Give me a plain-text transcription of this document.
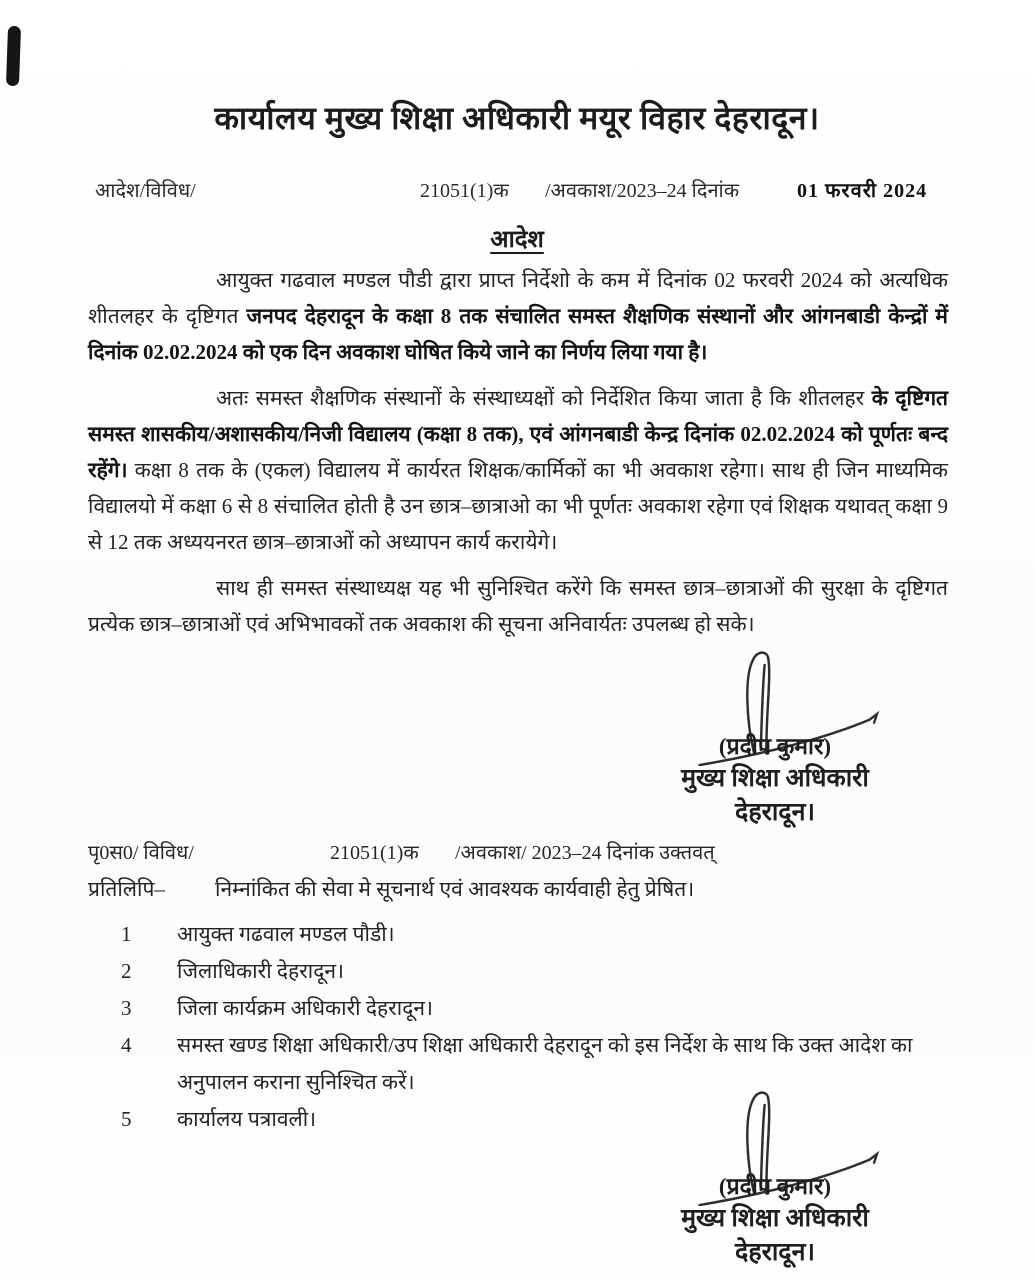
कार्यालय मुख्य शिक्षा अधिकारी मयूर विहार देहरादून।
आदेश/विविध/	21051(1)क /अवकाश/2023–24 दिनांक	01 फरवरी 2024
आदेश

आयुक्त गढवाल मण्डल पौडी द्वारा प्राप्त निर्देशो के कम में दिनांक 02 फरवरी 2024 को अत्यधिक शीतलहर के दृष्टिगत जनपद देहरादून के कक्षा 8 तक संचालित समस्त शैक्षणिक संस्थानों और आंगनबाडी केन्द्रों में दिनांक 02.02.2024 को एक दिन अवकाश घोषित किये जाने का निर्णय लिया गया है।

अतः समस्त शैक्षणिक संस्थानों के संस्थाध्यक्षों को निर्देशित किया जाता है कि शीतलहर के दृष्टिगत समस्त शासकीय/अशासकीय/निजी विद्यालय (कक्षा 8 तक), एवं आंगनबाडी केन्द्र दिनांक 02.02.2024 को पूर्णतः बन्द रहेंगे। कक्षा 8 तक के (एकल) विद्यालय में कार्यरत शिक्षक/कार्मिकों का भी अवकाश रहेगा। साथ ही जिन माध्यमिक विद्यालयो में कक्षा 6 से 8 संचालित होती है उन छात्र–छात्राओ का भी पूर्णतः अवकाश रहेगा एवं शिक्षक यथावत् कक्षा 9 से 12 तक अध्ययनरत छात्र–छात्राओं को अध्यापन कार्य करायेगे।

साथ ही समस्त संस्थाध्यक्ष यह भी सुनिश्चित करेंगे कि समस्त छात्र–छात्राओं की सुरक्षा के दृष्टिगत प्रत्येक छात्र–छात्राओं एवं अभिभावकों तक अवकाश की सूचना अनिवार्यतः उपलब्ध हो सके।

(प्रदीप कुमार)
मुख्य शिक्षा अधिकारी
देहरादून।
पृ0स0/ विविध/	21051(1)क /अवकाश/ 2023–24 दिनांक उक्तवत्
प्रतिलिपि–	निम्नांकित की सेवा मे सूचनार्थ एवं आवश्यक कार्यवाही हेतु प्रेषित।
1	आयुक्त गढवाल मण्डल पौडी।
2	जिलाधिकारी देहरादून।
3	जिला कार्यक्रम अधिकारी देहरादून।
4	समस्त खण्ड शिक्षा अधिकारी/उप शिक्षा अधिकारी देहरादून को इस निर्देश के साथ कि उक्त आदेश का अनुपालन कराना सुनिश्चित करें।
5	कार्यालय पत्रावली।
(प्रदीप कुमार)
मुख्य शिक्षा अधिकारी
देहरादून।
